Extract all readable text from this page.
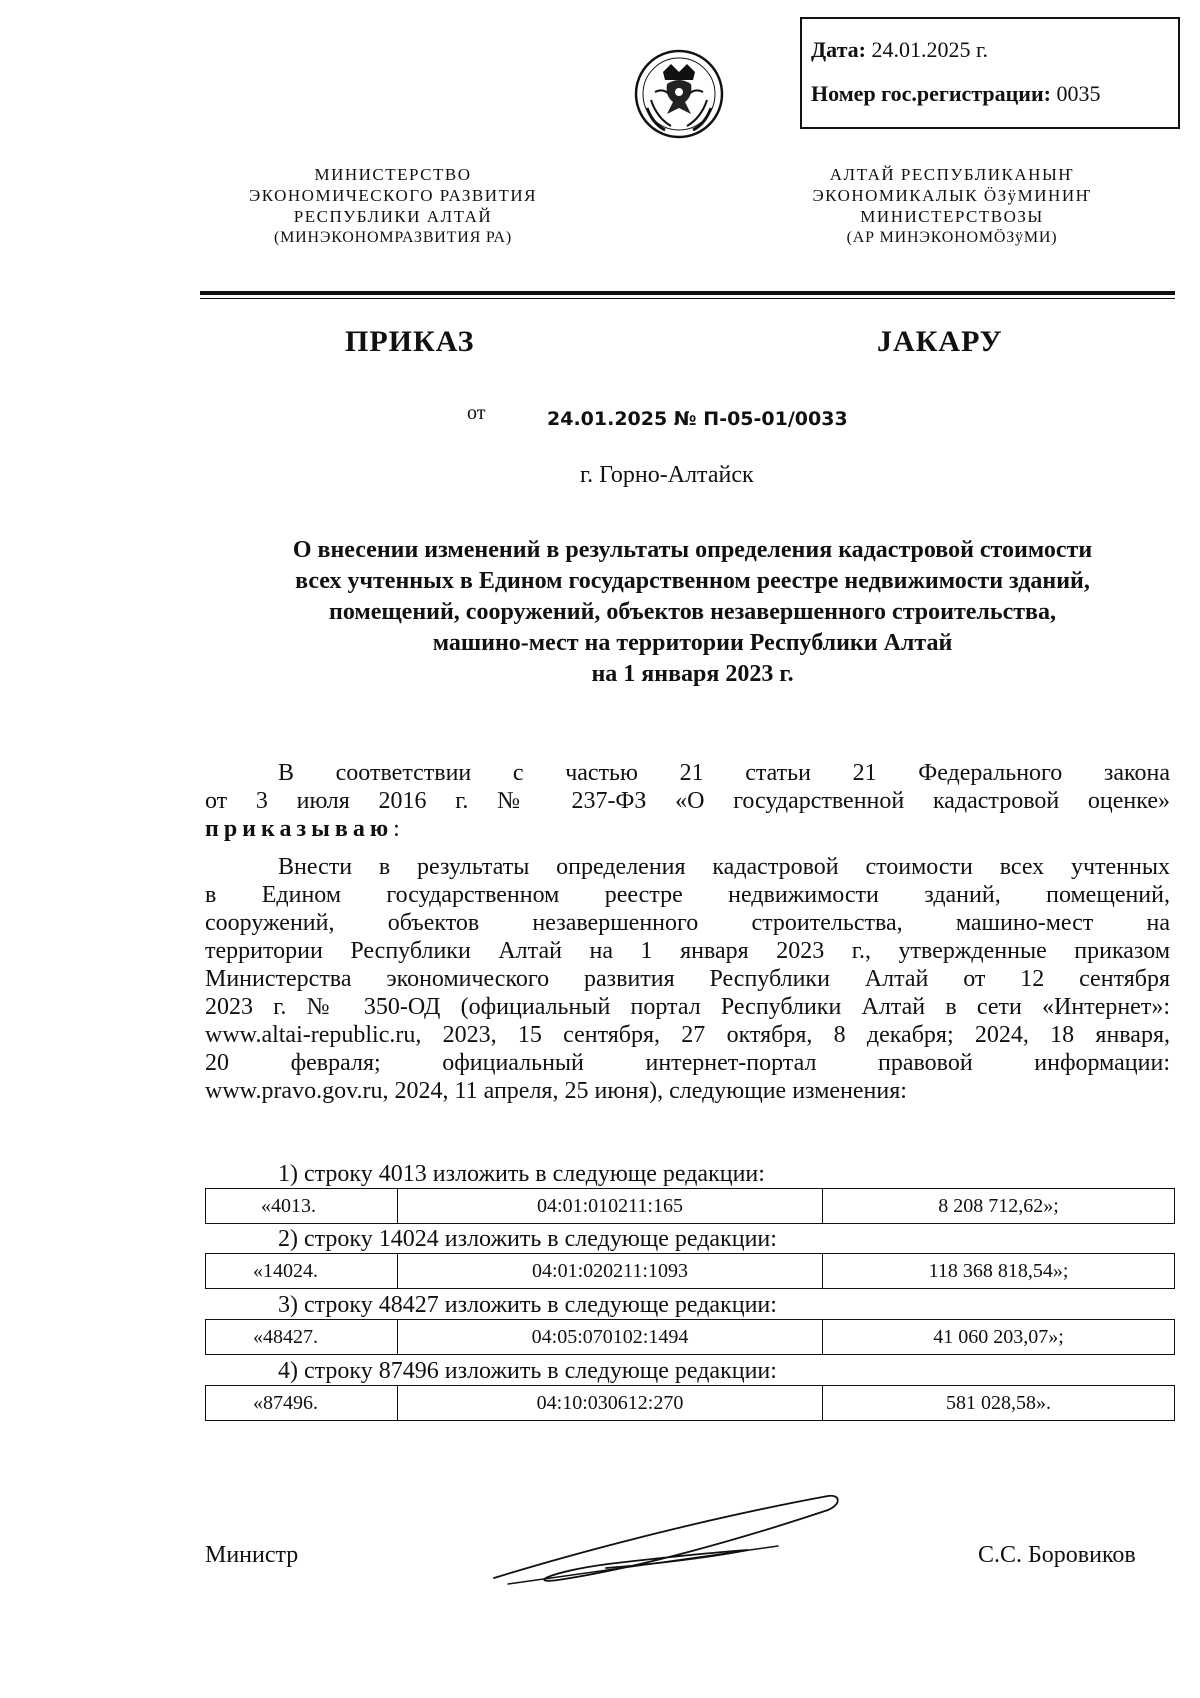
Дата: 24.01.2025 г.
Номер гос.регистрации: 0035
МИНИСТЕРСТВО
ЭКОНОМИЧЕСКОГО РАЗВИТИЯ
РЕСПУБЛИКИ АЛТАЙ
(МИНЭКОНОМРАЗВИТИЯ РА)
АЛТАЙ РЕСПУБЛИКАНЫҤ
ЭКОНОМИКАЛЫК ÖЗÿМИНИҤ
МИНИСТЕРСТВОЗЫ
(АР МИНЭКОНОМÖЗÿМИ)
ПРИКАЗ	JАКАРУ
от	24.01.2025 № П-05-01/0033
г. Горно-Алтайск
О внесении изменений в результаты определения кадастровой стоимости
всех учтенных в Едином государственном реестре недвижимости зданий,
помещений, сооружений, объектов незавершенного строительства,
машино-мест на территории Республики Алтай
на 1 января 2023 г.
В соответствии с частью 21 статьи 21 Федерального закона
от 3 июля 2016 г. № 237-ФЗ «О государственной кадастровой оценке»
приказываю:
Внести в результаты определения кадастровой стоимости всех учтенных
в Едином государственном реестре недвижимости зданий, помещений,
сооружений, объектов незавершенного строительства, машино-мест на
территории Республики Алтай на 1 января 2023 г., утвержденные приказом
Министерства экономического развития Республики Алтай от 12 сентября
2023 г. № 350-ОД (официальный портал Республики Алтай в сети «Интернет»:
www.altai-republic.ru, 2023, 15 сентября, 27 октября, 8 декабря; 2024, 18 января,
20 февраля; официальный интернет-портал правовой информации:
www.pravo.gov.ru, 2024, 11 апреля, 25 июня), следующие изменения:
1) строку 4013 изложить в следующе редакции:
«4013.	04:01:010211:165	8 208 712,62»;
2) строку 14024 изложить в следующе редакции:
«14024.	04:01:020211:1093	118 368 818,54»;
3) строку 48427 изложить в следующе редакции:
«48427.	04:05:070102:1494	41 060 203,07»;
4) строку 87496 изложить в следующе редакции:
«87496.	04:10:030612:270	581 028,58».
Министр	С.С. Боровиков
